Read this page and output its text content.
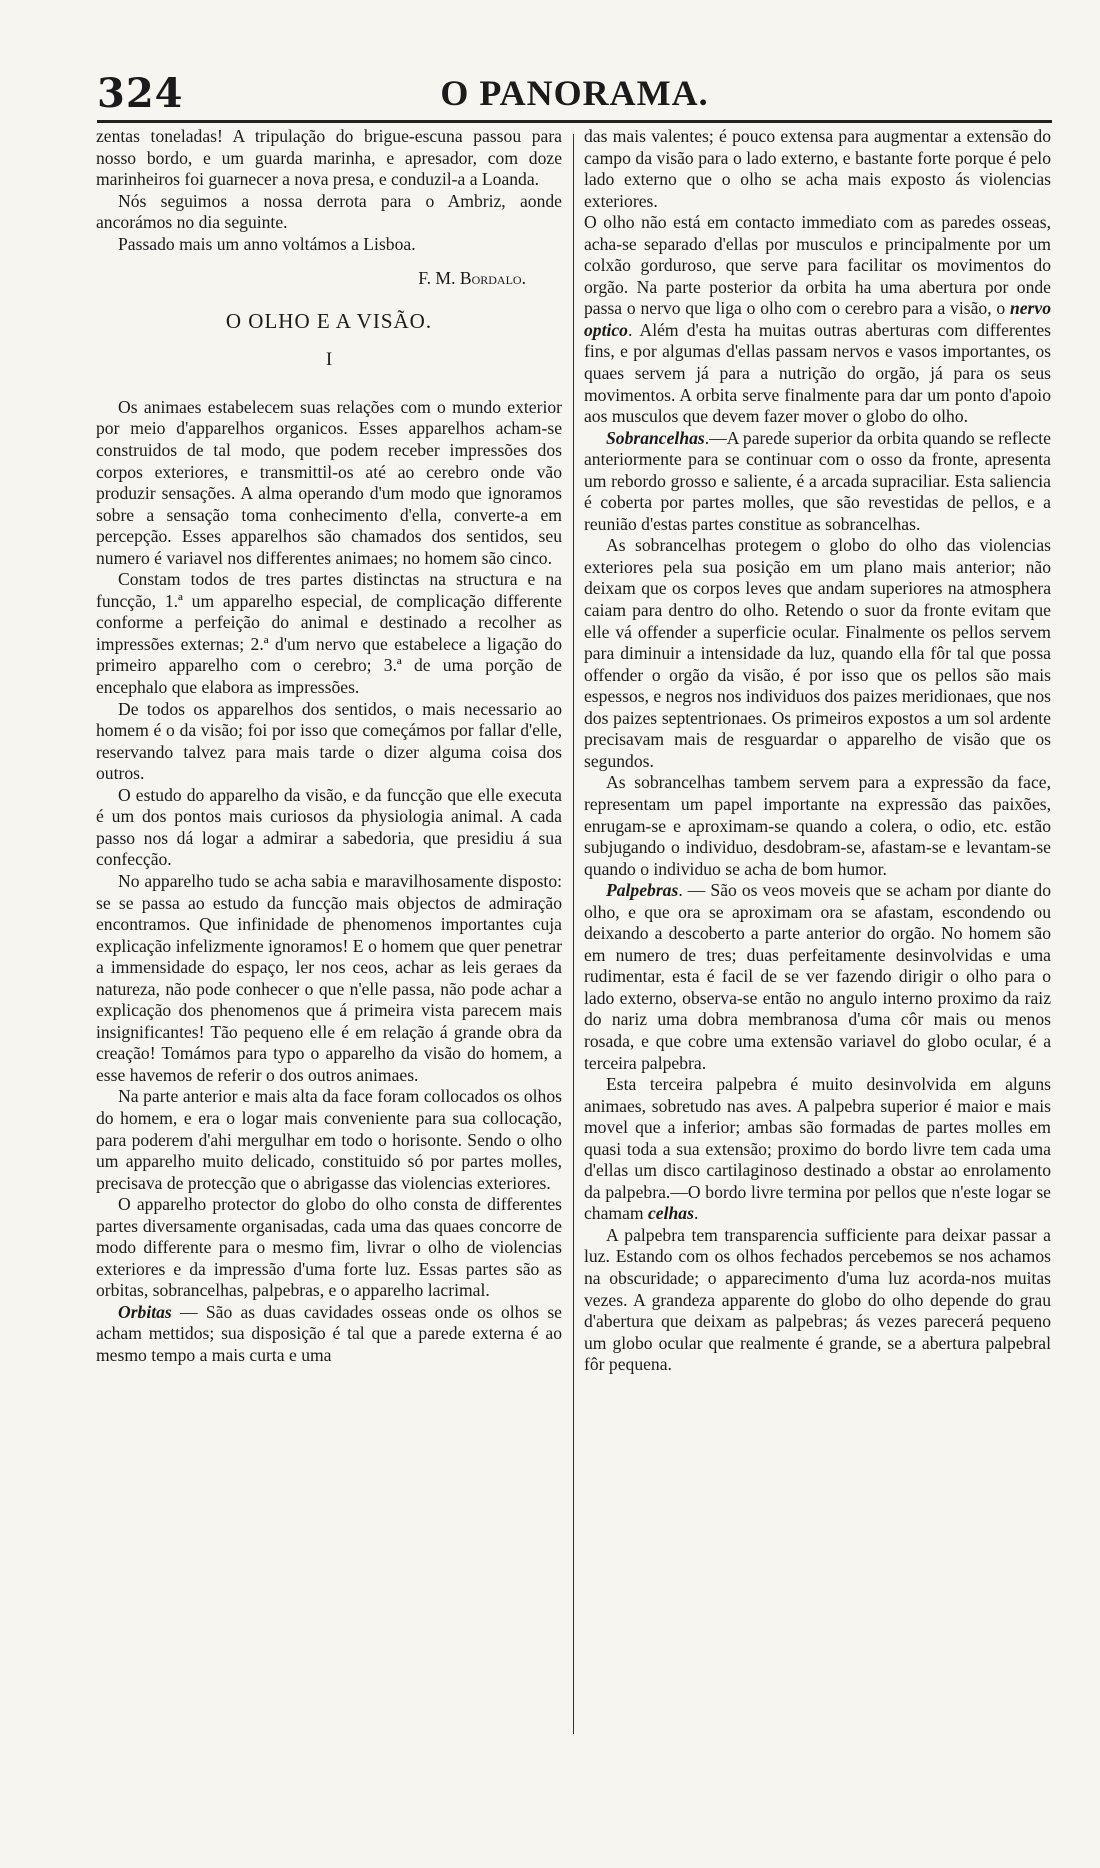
324	O PANORAMA.

zentas toneladas! A tripulação do brigue-escuna passou para nosso bordo, e um guarda marinha, e apresador, com doze marinheiros foi guarnecer a nova presa, e conduzil-a a Loanda.

Nós seguimos a nossa derrota para o Ambriz, aonde ancorámos no dia seguinte.

Passado mais um anno voltámos a Lisboa.

F. M. Bordalo.
O OLHO E A VISÃO.
I

Os animaes estabelecem suas relações com o mundo exterior por meio d'apparelhos organicos. Esses apparelhos acham-se construidos de tal modo, que podem receber impressões dos corpos exteriores, e transmittil-os até ao cerebro onde vão produzir sensações. A alma operando d'um modo que ignoramos sobre a sensação toma conhecimento d'ella, converte-a em percepção. Esses apparelhos são chamados dos sentidos, seu numero é variavel nos differentes animaes; no homem são cinco.

Constam todos de tres partes distinctas na structura e na funcção, 1.ª um apparelho especial, de complicação differente conforme a perfeição do animal e destinado a recolher as impressões externas; 2.ª d'um nervo que estabelece a ligação do primeiro apparelho com o cerebro; 3.ª de uma porção de encephalo que elabora as impressões.

De todos os apparelhos dos sentidos, o mais necessario ao homem é o da visão; foi por isso que começámos por fallar d'elle, reservando talvez para mais tarde o dizer alguma coisa dos outros.

O estudo do apparelho da visão, e da funcção que elle executa é um dos pontos mais curiosos da physiologia animal. A cada passo nos dá logar a admirar a sabedoria, que presidiu á sua confecção.

No apparelho tudo se acha sabia e maravilhosamente disposto: se se passa ao estudo da funcção mais objectos de admiração encontramos. Que infinidade de phenomenos importantes cuja explicação infelizmente ignoramos! E o homem que quer penetrar a immensidade do espaço, ler nos ceos, achar as leis geraes da natureza, não pode conhecer o que n'elle passa, não pode achar a explicação dos phenomenos que á primeira vista parecem mais insignificantes! Tão pequeno elle é em relação á grande obra da creação! Tomámos para typo o apparelho da visão do homem, a esse havemos de referir o dos outros animaes.

Na parte anterior e mais alta da face foram collocados os olhos do homem, e era o logar mais conveniente para sua collocação, para poderem d'ahi mergulhar em todo o horisonte. Sendo o olho um apparelho muito delicado, constituido só por partes molles, precisava de protecção que o abrigasse das violencias exteriores.

O apparelho protector do globo do olho consta de differentes partes diversamente organisadas, cada uma das quaes concorre de modo differente para o mesmo fim, livrar o olho de violencias exteriores e da impressão d'uma forte luz. Essas partes são as orbitas, sobrancelhas, palpebras, e o apparelho lacrimal.

Orbitas — São as duas cavidades osseas onde os olhos se acham mettidos; sua disposição é tal que a parede externa é ao mesmo tempo a mais curta e uma

das mais valentes; é pouco extensa para augmentar a extensão do campo da visão para o lado externo, e bastante forte porque é pelo lado externo que o olho se acha mais exposto ás violencias exteriores.

O olho não está em contacto immediato com as paredes osseas, acha-se separado d'ellas por musculos e principalmente por um colxão gorduroso, que serve para facilitar os movimentos do orgão. Na parte posterior da orbita ha uma abertura por onde passa o nervo que liga o olho com o cerebro para a visão, o nervo optico. Além d'esta ha muitas outras aberturas com differentes fins, e por algumas d'ellas passam nervos e vasos importantes, os quaes servem já para a nutrição do orgão, já para os seus movimentos. A orbita serve finalmente para dar um ponto d'apoio aos musculos que devem fazer mover o globo do olho.

Sobrancelhas.—A parede superior da orbita quando se reflecte anteriormente para se continuar com o osso da fronte, apresenta um rebordo grosso e saliente, é a arcada supraciliar. Esta saliencia é coberta por partes molles, que são revestidas de pellos, e a reunião d'estas partes constitue as sobrancelhas.

As sobrancelhas protegem o globo do olho das violencias exteriores pela sua posição em um plano mais anterior; não deixam que os corpos leves que andam superiores na atmosphera caiam para dentro do olho. Retendo o suor da fronte evitam que elle vá offender a superficie ocular. Finalmente os pellos servem para diminuir a intensidade da luz, quando ella fôr tal que possa offender o orgão da visão, é por isso que os pellos são mais espessos, e negros nos individuos dos paizes meridionaes, que nos dos paizes septentrionaes. Os primeiros expostos a um sol ardente precisavam mais de resguardar o apparelho de visão que os segundos.

As sobrancelhas tambem servem para a expressão da face, representam um papel importante na expressão das paixões, enrugam-se e aproximam-se quando a colera, o odio, etc. estão subjugando o individuo, desdobram-se, afastam-se e levantam-se quando o individuo se acha de bom humor.

Palpebras. — São os veos moveis que se acham por diante do olho, e que ora se aproximam ora se afastam, escondendo ou deixando a descoberto a parte anterior do orgão. No homem são em numero de tres; duas perfeitamente desinvolvidas e uma rudimentar, esta é facil de se ver fazendo dirigir o olho para o lado externo, observa-se então no angulo interno proximo da raiz do nariz uma dobra membranosa d'uma côr mais ou menos rosada, e que cobre uma extensão variavel do globo ocular, é a terceira palpebra.

Esta terceira palpebra é muito desinvolvida em alguns animaes, sobretudo nas aves. A palpebra superior é maior e mais movel que a inferior; ambas são formadas de partes molles em quasi toda a sua extensão; proximo do bordo livre tem cada uma d'ellas um disco cartilaginoso destinado a obstar ao enrolamento da palpebra.—O bordo livre termina por pellos que n'este logar se chamam celhas.

A palpebra tem transparencia sufficiente para deixar passar a luz. Estando com os olhos fechados percebemos se nos achamos na obscuridade; o apparecimento d'uma luz acorda-nos muitas vezes. A grandeza apparente do globo do olho depende do grau d'abertura que deixam as palpebras; ás vezes parecerá pequeno um globo ocular que realmente é grande, se a abertura palpebral fôr pequena.
